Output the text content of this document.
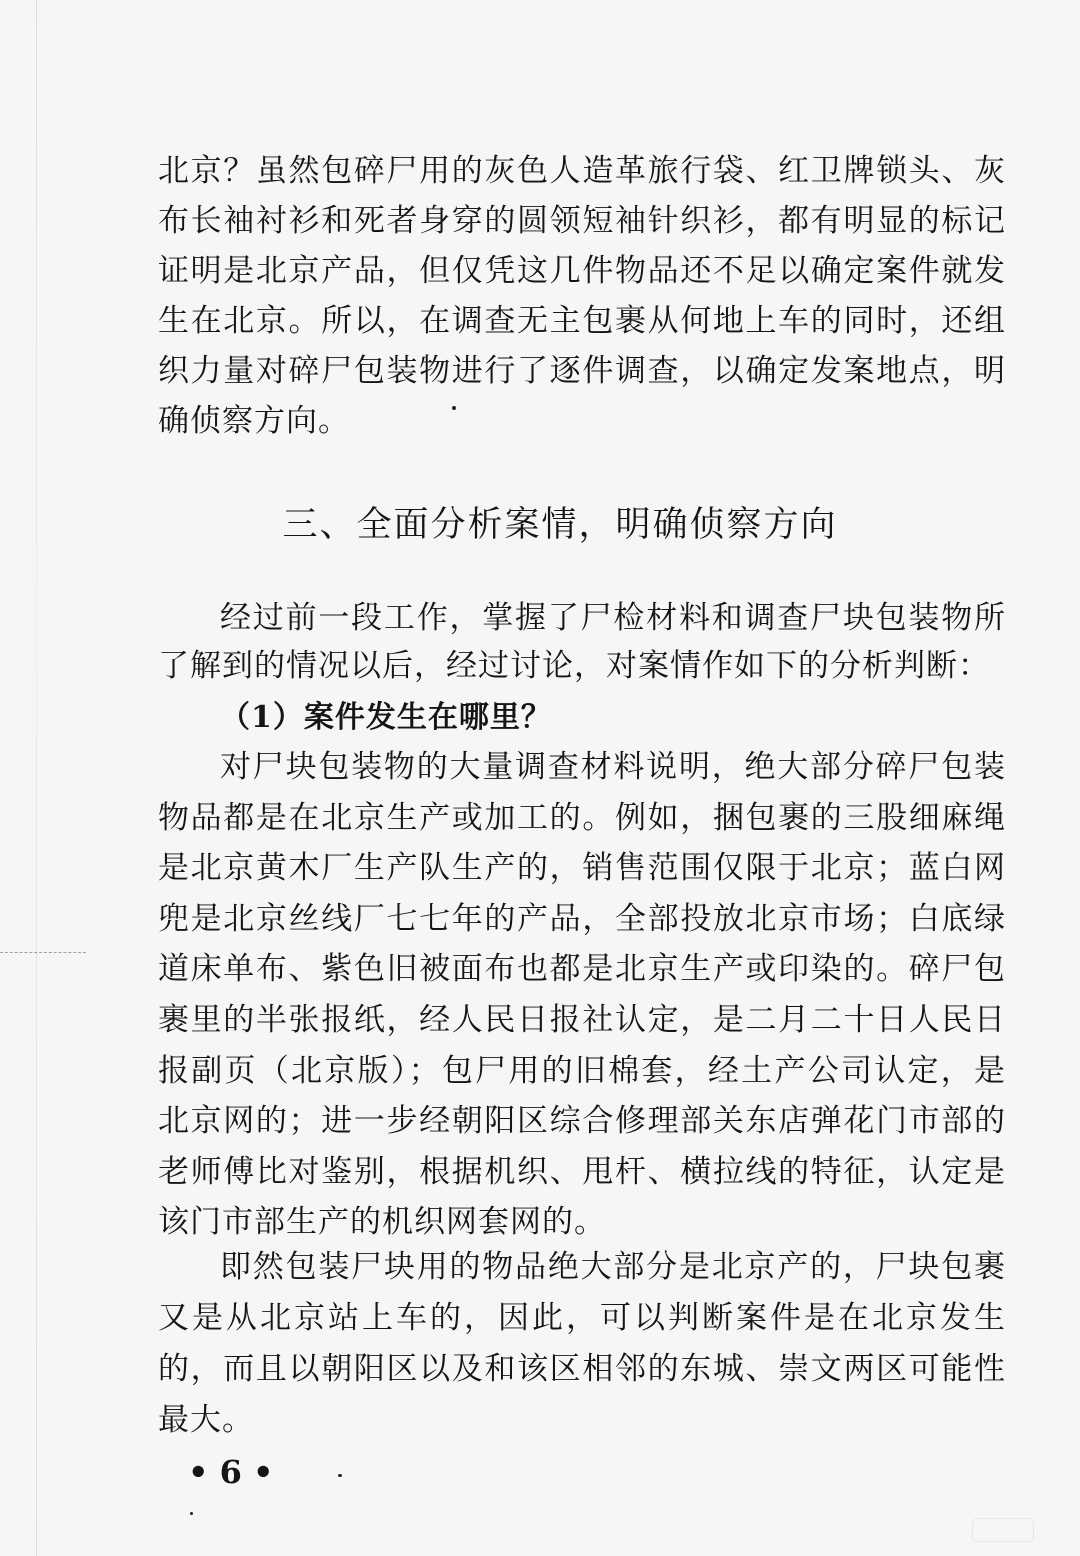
北京？虽然包碎尸用的灰色人造革旅行袋、红卫牌锁头、灰布长袖衬衫和死者身穿的圆领短袖针织衫，都有明显的标记证明是北京产品，但仅凭这几件物品还不足以确定案件就发生在北京。所以，在调查无主包裹从何地上车的同时，还组织力量对碎尸包装物进行了逐件调查，以确定发案地点，明确侦察方向。

三、全面分析案情，明确侦察方向

经过前一段工作，掌握了尸检材料和调查尸块包装物所了解到的情况以后，经过讨论，对案情作如下的分析判断：

（1）案件发生在哪里？

对尸块包装物的大量调查材料说明，绝大部分碎尸包装物品都是在北京生产或加工的。例如，捆包裹的三股细麻绳是北京黄木厂生产队生产的，销售范围仅限于北京；蓝白网兜是北京丝线厂七七年的产品，全部投放北京市场；白底绿道床单布、紫色旧被面布也都是北京生产或印染的。碎尸包裹里的半张报纸，经人民日报社认定，是二月二十日人民日报副页（北京版）；包尸用的旧棉套，经土产公司认定，是北京网的；进一步经朝阳区综合修理部关东店弹花门市部的老师傅比对鉴别，根据机织、甩杆、横拉线的特征，认定是该门市部生产的机织网套网的。

即然包装尸块用的物品绝大部分是北京产的，尸块包裹又是从北京站上车的，因此，可以判断案件是在北京发生的，而且以朝阳区以及和该区相邻的东城、崇文两区可能性最大。

• 6 •
